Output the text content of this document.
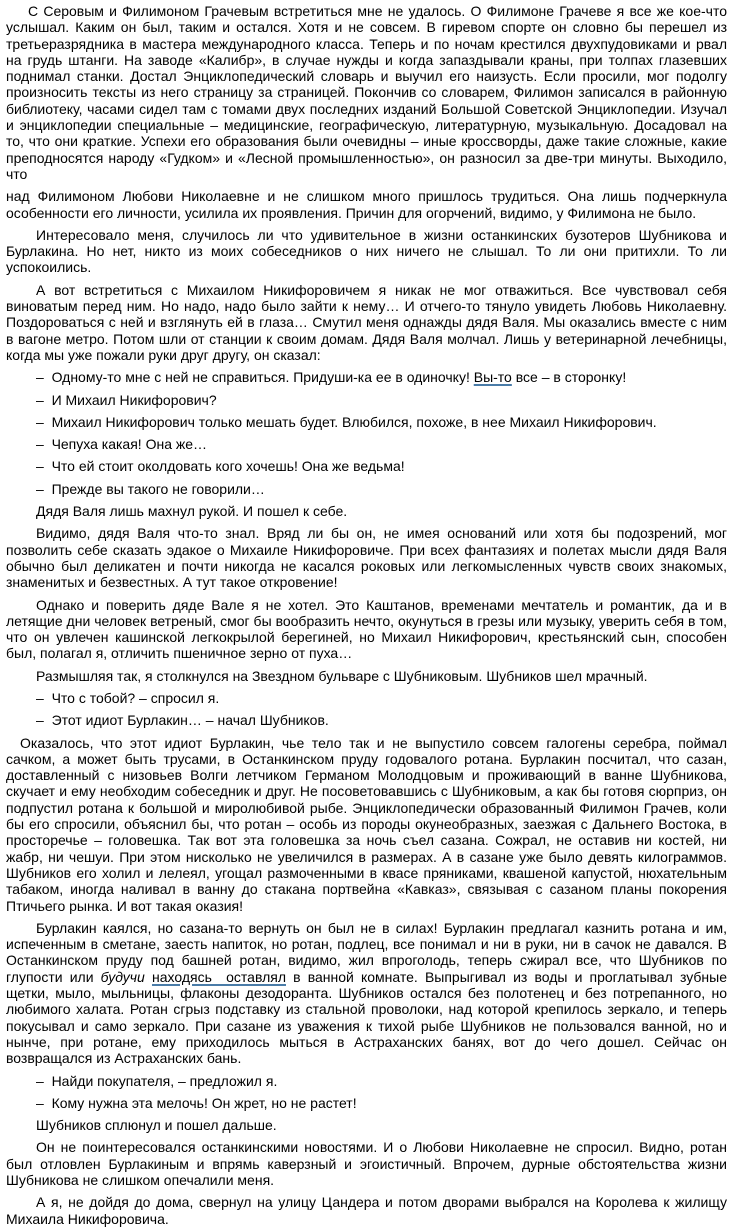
С Серовым и Филимоном Грачевым встретиться мне не удалось. О Филимоне Грачеве я все же кое-что услышал. Каким он был, таким и остался. Хотя и не совсем. В гиревом спорте он словно бы перешел из третьеразрядника в мастера международного класса. Теперь и по ночам крестился двухпудовиками и рвал на грудь штанги. На заводе «Калибр», в случае нужды и когда запаздывали краны, при толпах глазевших поднимал станки. Достал Энциклопедический словарь и выучил его наизусть. Если просили, мог подолгу произносить тексты из него страницу за страницей. Покончив со словарем, Филимон записался в районную библиотеку, часами сидел там с томами двух последних изданий Большой Советской Энциклопедии. Изучал и энциклопедии специальные – медицинские, географическую, литературную, музыкальную. Досадовал на то, что они краткие. Успехи его образования были очевидны – иные кроссворды, даже такие сложные, какие преподносятся народу «Гудком» и «Лесной промышленностью», он разносил за две-три минуты. Выходило, что

над Филимоном Любови Николаевне и не слишком много пришлось трудиться. Она лишь подчеркнула особенности его личности, усилила их проявления. Причин для огорчений, видимо, у Филимона не было.

Интересовало меня, случилось ли что удивительное в жизни останкинских бузотеров Шубникова и Бурлакина. Но нет, никто из моих собеседников о них ничего не слышал. То ли они притихли. То ли успокоились.

А вот встретиться с Михаилом Никифоровичем я никак не мог отважиться. Все чувствовал себя виноватым перед ним. Но надо, надо было зайти к нему… И отчего-то тянуло увидеть Любовь Николаевну. Поздороваться с ней и взглянуть ей в глаза… Смутил меня однажды дядя Валя. Мы оказались вместе с ним в вагоне метро. Потом шли от станции к своим домам. Дядя Валя молчал. Лишь у ветеринарной лечебницы, когда мы уже пожали руки друг другу, он сказал:

–  Одному-то мне с ней не справиться. Придуши-ка ее в одиночку! Вы-то все – в сторонку!

–  И Михаил Никифорович?

–  Михаил Никифорович только мешать будет. Влюбился, похоже, в нее Михаил Никифорович.

–  Чепуха какая! Она же…

–  Что ей стоит околдовать кого хочешь! Она же ведьма!

–  Прежде вы такого не говорили…

Дядя Валя лишь махнул рукой. И пошел к себе.

Видимо, дядя Валя что-то знал. Вряд ли бы он, не имея оснований или хотя бы подозрений, мог позволить себе сказать эдакое о Михаиле Никифоровиче. При всех фантазиях и полетах мысли дядя Валя обычно был деликатен и почти никогда не касался роковых или легкомысленных чувств своих знакомых, знаменитых и безвестных. А тут такое откровение!

Однако и поверить дяде Вале я не хотел. Это Каштанов, временами мечтатель и романтик, да и в летящие дни человек ветреный, смог бы вообразить нечто, окунуться в грезы или музыку, уверить себя в том, что он увлечен кашинской легкокрылой берегиней, но Михаил Никифорович, крестьянский сын, способен был, полагал я, отличить пшеничное зерно от пуха…

Размышляя так, я столкнулся на Звездном бульваре с Шубниковым. Шубников шел мрачный.

–  Что с тобой? – спросил я.

–  Этот идиот Бурлакин… – начал Шубников.

Оказалось, что этот идиот Бурлакин, чье тело так и не выпустило совсем галогены серебра, поймал сачком, а может быть трусами, в Останкинском пруду годовалого ротана. Бурлакин посчитал, что сазан, доставленный с низовьев Волги летчиком Германом Молодцовым и проживающий в ванне Шубникова, скучает и ему необходим собеседник и друг. Не посоветовавшись с Шубниковым, а как бы готовя сюрприз, он подпустил ротана к большой и миролюбивой рыбе. Энциклопедически образованный Филимон Грачев, коли бы его спросили, объяснил бы, что ротан – особь из породы окунеобразных, заезжая с Дальнего Востока, в просторечье – головешка. Так вот эта головешка за ночь съел сазана. Сожрал, не оставив ни костей, ни жабр, ни чешуи. При этом нисколько не увеличился в размерах. А в сазане уже было девять килограммов. Шубников его холил и лелеял, угощал размоченными в квасе пряниками, квашеной капустой, нюхательным табаком, иногда наливал в ванну до стакана портвейна «Кавказ», связывая с сазаном планы покорения Птичьего рынка. И вот такая оказия!

Бурлакин каялся, но сазана-то вернуть он был не в силах! Бурлакин предлагал казнить ротана и им, испеченным в сметане, заесть напиток, но ротан, подлец, все понимал и ни в руки, ни в сачок не давался. В Останкинском пруду под башней ротан, видимо, жил впроголодь, теперь сжирал все, что Шубников по глупости или будучи находясь  оставлял в ванной комнате. Выпрыгивал из воды и проглатывал зубные щетки, мыло, мыльницы, флаконы дезодоранта. Шубников остался без полотенец и без потрепанного, но любимого халата. Ротан сгрыз подставку из стальной проволоки, над которой крепилось зеркало, и теперь покусывал и само зеркало. При сазане из уважения к тихой рыбе Шубников не пользовался ванной, но и нынче, при ротане, ему приходилось мыться в Астраханских банях, вот до чего дошел. Сейчас он возвращался из Астраханских бань.

–  Найди покупателя, – предложил я.

–  Кому нужна эта мелочь! Он жрет, но не растет!

Шубников сплюнул и пошел дальше.

Он не поинтересовался останкинскими новостями. И о Любови Николаевне не спросил. Видно, ротан был отловлен Бурлакиным и впрямь каверзный и эгоистичный. Впрочем, дурные обстоятельства жизни Шубникова не слишком опечалили меня.

А я, не дойдя до дома, свернул на улицу Цандера и потом дворами выбрался на Королева к жилищу Михаила Никифоровича.
